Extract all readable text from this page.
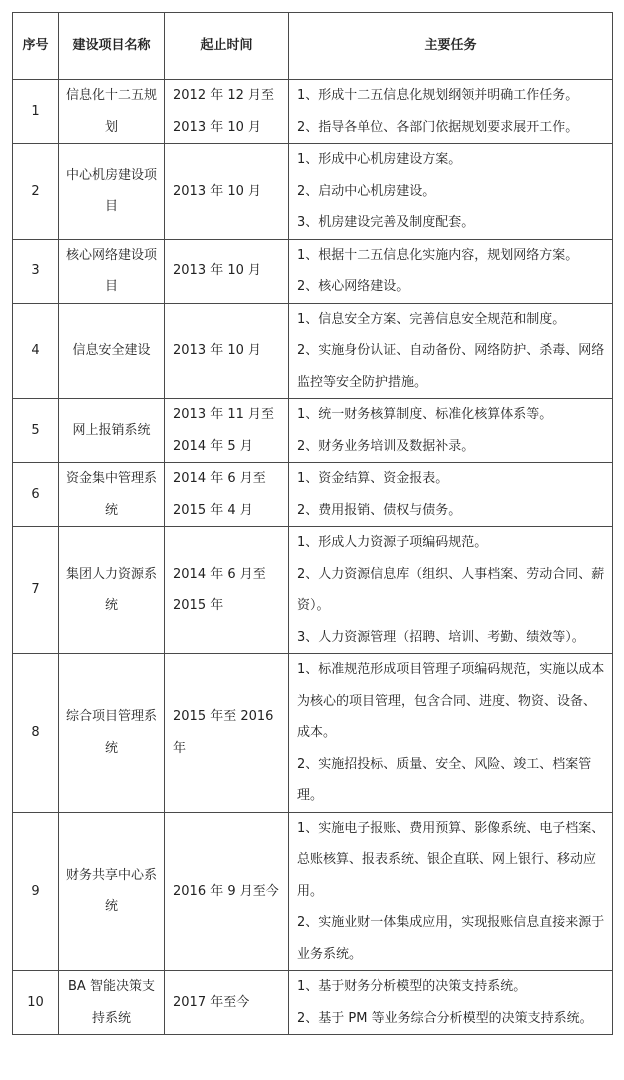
序号	建设项目名称	起止时间	主要任务
1	信息化十二五规划	2012 年 12 月至 2013 年 10 月	1、形成十二五信息化规划纲领并明确工作任务。
2、指导各单位、各部门依据规划要求展开工作。

2	中心机房建设项目	2013 年 10 月	1、形成中心机房建设方案。
2、启动中心机房建设。
3、机房建设完善及制度配套。

3	核心网络建设项目	2013 年 10 月	1、根据十二五信息化实施内容，规划网络方案。
2、核心网络建设。

4	信息安全建设	2013 年 10 月	1、信息安全方案、完善信息安全规范和制度。
2、实施身份认证、自动备份、网络防护、杀毒、网络监控等安全防护措施。

5	网上报销系统	2013 年 11 月至 2014 年 5 月	1、统一财务核算制度、标准化核算体系等。
2、财务业务培训及数据补录。

6	资金集中管理系统	2014 年 6 月至 2015 年 4 月	1、资金结算、资金报表。
2、费用报销、债权与债务。

7	集团人力资源系统	2014 年 6 月至 2015 年	1、形成人力资源子项编码规范。
2、人力资源信息库（组织、人事档案、劳动合同、薪资）。
3、人力资源管理（招聘、培训、考勤、绩效等）。

8	综合项目管理系统	2015 年至 2016 年	1、标准规范形成项目管理子项编码规范，实施以成本为核心的项目管理，包含合同、进度、物资、设备、成本。
2、实施招投标、质量、安全、风险、竣工、档案管理。

9	财务共享中心系统	2016 年 9 月至今	1、实施电子报账、费用预算、影像系统、电子档案、总账核算、报表系统、银企直联、网上银行、移动应用。
2、实施业财一体集成应用，实现报账信息直接来源于业务系统。

10	BA 智能决策支持系统	2017 年至今	1、基于财务分析模型的决策支持系统。
2、基于 PM 等业务综合分析模型的决策支持系统。
